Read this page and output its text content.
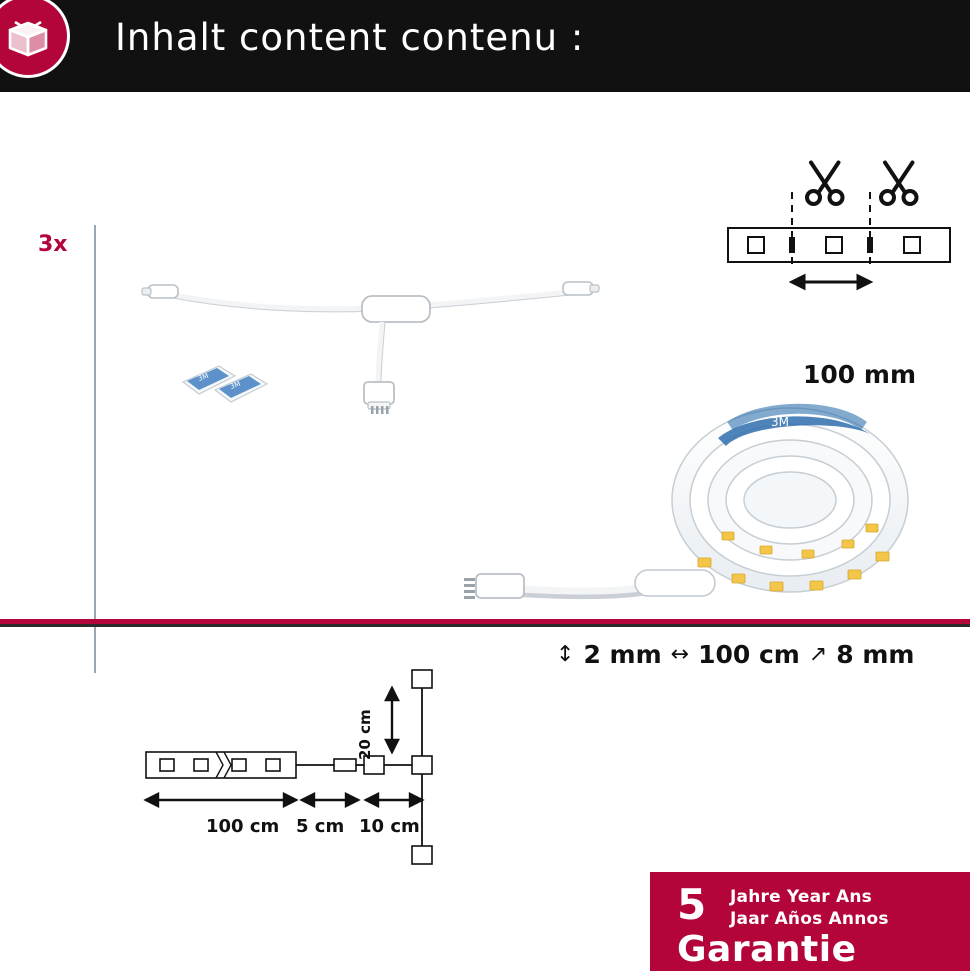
Inhalt content contenu :
3x
3M
3M	100 mm
3M
↕ 2 mm ↔ 100 cm ↗ 8 mm
100 cm 5 cm 10 cm
20 cm
5 Jahre Year Ans
Jaar Años Annos
Garantie
